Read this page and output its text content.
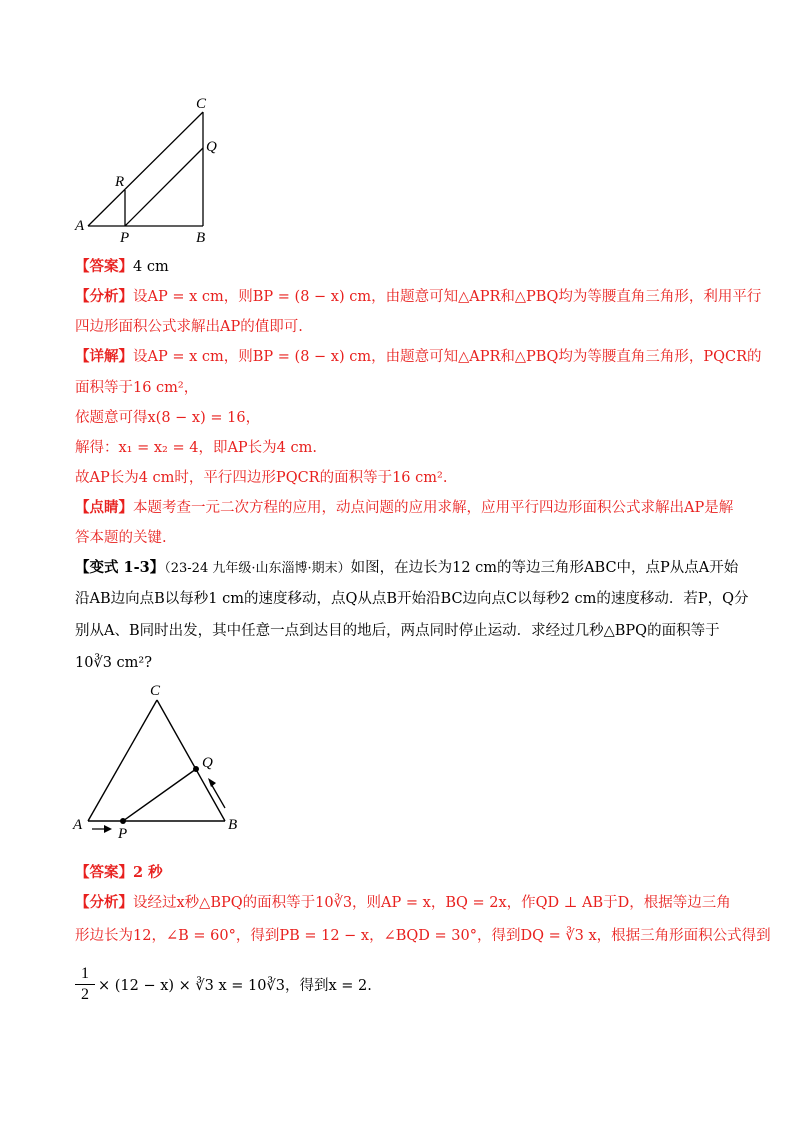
C
Q
R
A
P	B
【答案】4 cm
【分析】设AP = x cm，则BP = (8 − x) cm，由题意可知△APR和△PBQ均为等腰直角三角形，利用平行
四边形面积公式求解出AP的值即可.
【详解】设AP = x cm，则BP = (8 − x) cm，由题意可知△APR和△PBQ均为等腰直角三角形，PQCR的
面积等于16 cm²，
依题意可得x(8 − x) = 16，
解得：x₁ = x₂ = 4，即AP长为4 cm.
故AP长为4 cm时，平行四边形PQCR的面积等于16 cm².
【点睛】本题考查一元二次方程的应用，动点问题的应用求解，应用平行四边形面积公式求解出AP是解
答本题的关键.
【变式 1-3】（23-24 九年级·山东淄博·期末）如图，在边长为12 cm的等边三角形ABC中，点P从点A开始
沿AB边向点B以每秒1 cm的速度移动，点Q从点B开始沿BC边向点C以每秒2 cm的速度移动．若P，Q分
别从A、B同时出发，其中任意一点到达目的地后，两点同时停止运动．求经过几秒△BPQ的面积等于
10∛3 cm²?
C
Q
A
P
B
【答案】2 秒
【分析】设经过x秒△BPQ的面积等于10∛3，则AP = x，BQ = 2x，作QD ⊥ AB于D，根据等边三角
形边长为12，∠B = 60°，得到PB = 12 − x，∠BQD = 30°，得到DQ = ∛3 x，根据三角形面积公式得到
1
2 × (12 − x) × ∛3 x = 10∛3，得到x = 2.
